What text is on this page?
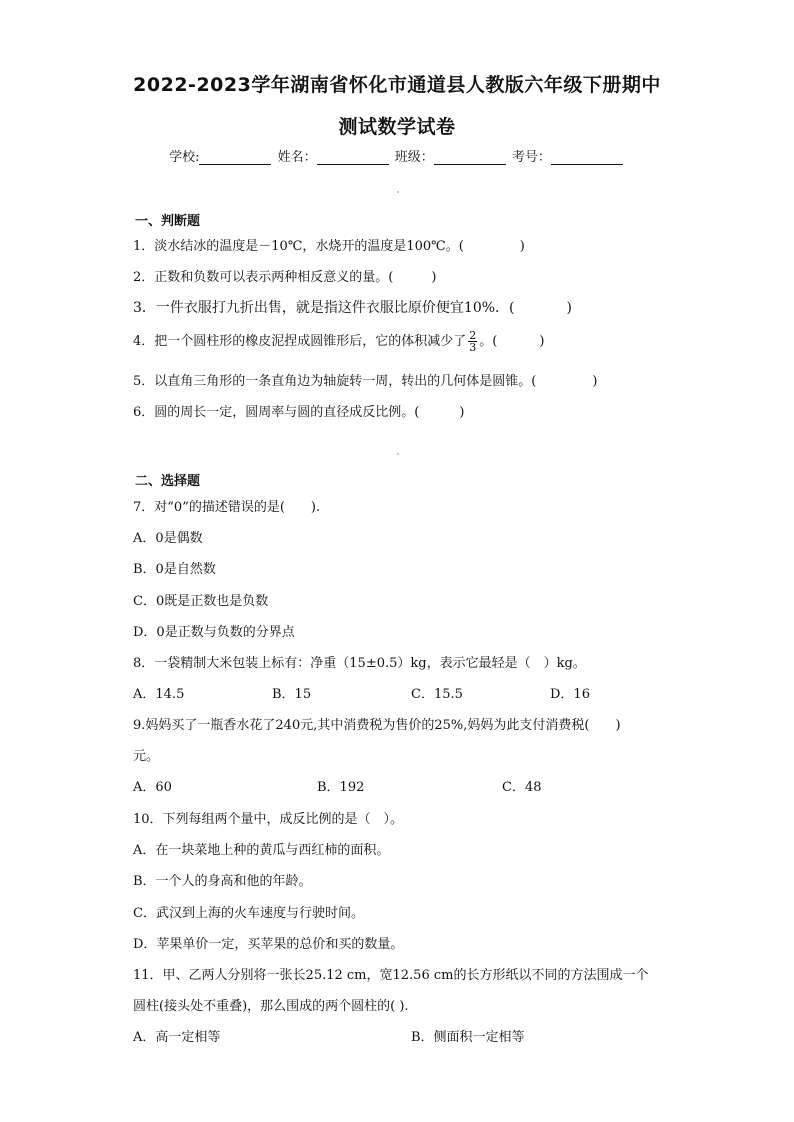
2022-2023学年湖南省怀化市通道县人教版六年级下册期中
测试数学试卷
学校:	姓名：	班级：	考号：
一、判断题
1．淡水结冰的温度是－10℃，水烧开的温度是100℃。(	)
2．正数和负数可以表示两种相反意义的量。(	)
3．一件衣服打九折出售，就是指这件衣服比原价便宜10%．(	)
4．把一个圆柱形的橡皮泥捏成圆锥形后，它的体积减少了 $\frac{2}{3}$ 。(	)
5．以直角三角形的一条直角边为轴旋转一周，转出的几何体是圆锥。(	)
6．圆的周长一定，圆周率与圆的直径成反比例。(	)
二、选择题
7．对“0”的描述错误的是(　　).
A．0是偶数
B．0是自然数
C．0既是正数也是负数
D．0是正数与负数的分界点
8．一袋精制大米包装上标有：净重（15±0.5）kg，表示它最轻是（　）kg。
A．14.5	B．15	C．15.5	D．16
9.妈妈买了一瓶香水花了240元,其中消费税为售价的25%,妈妈为此支付消费税(　　)
元。
A．60	B．192	C．48
10．下列每组两个量中，成反比例的是（　）。
A．在一块菜地上种的黄瓜与西红柿的面积。
B．一个人的身高和他的年龄。
C．武汉到上海的火车速度与行驶时间。
D．苹果单价一定，买苹果的总价和买的数量。
11．甲、乙两人分别将一张长25.12 cm，宽12.56 cm的长方形纸以不同的方法围成一个
圆柱(接头处不重叠)，那么围成的两个圆柱的( ).
A．高一定相等	B．侧面积一定相等
